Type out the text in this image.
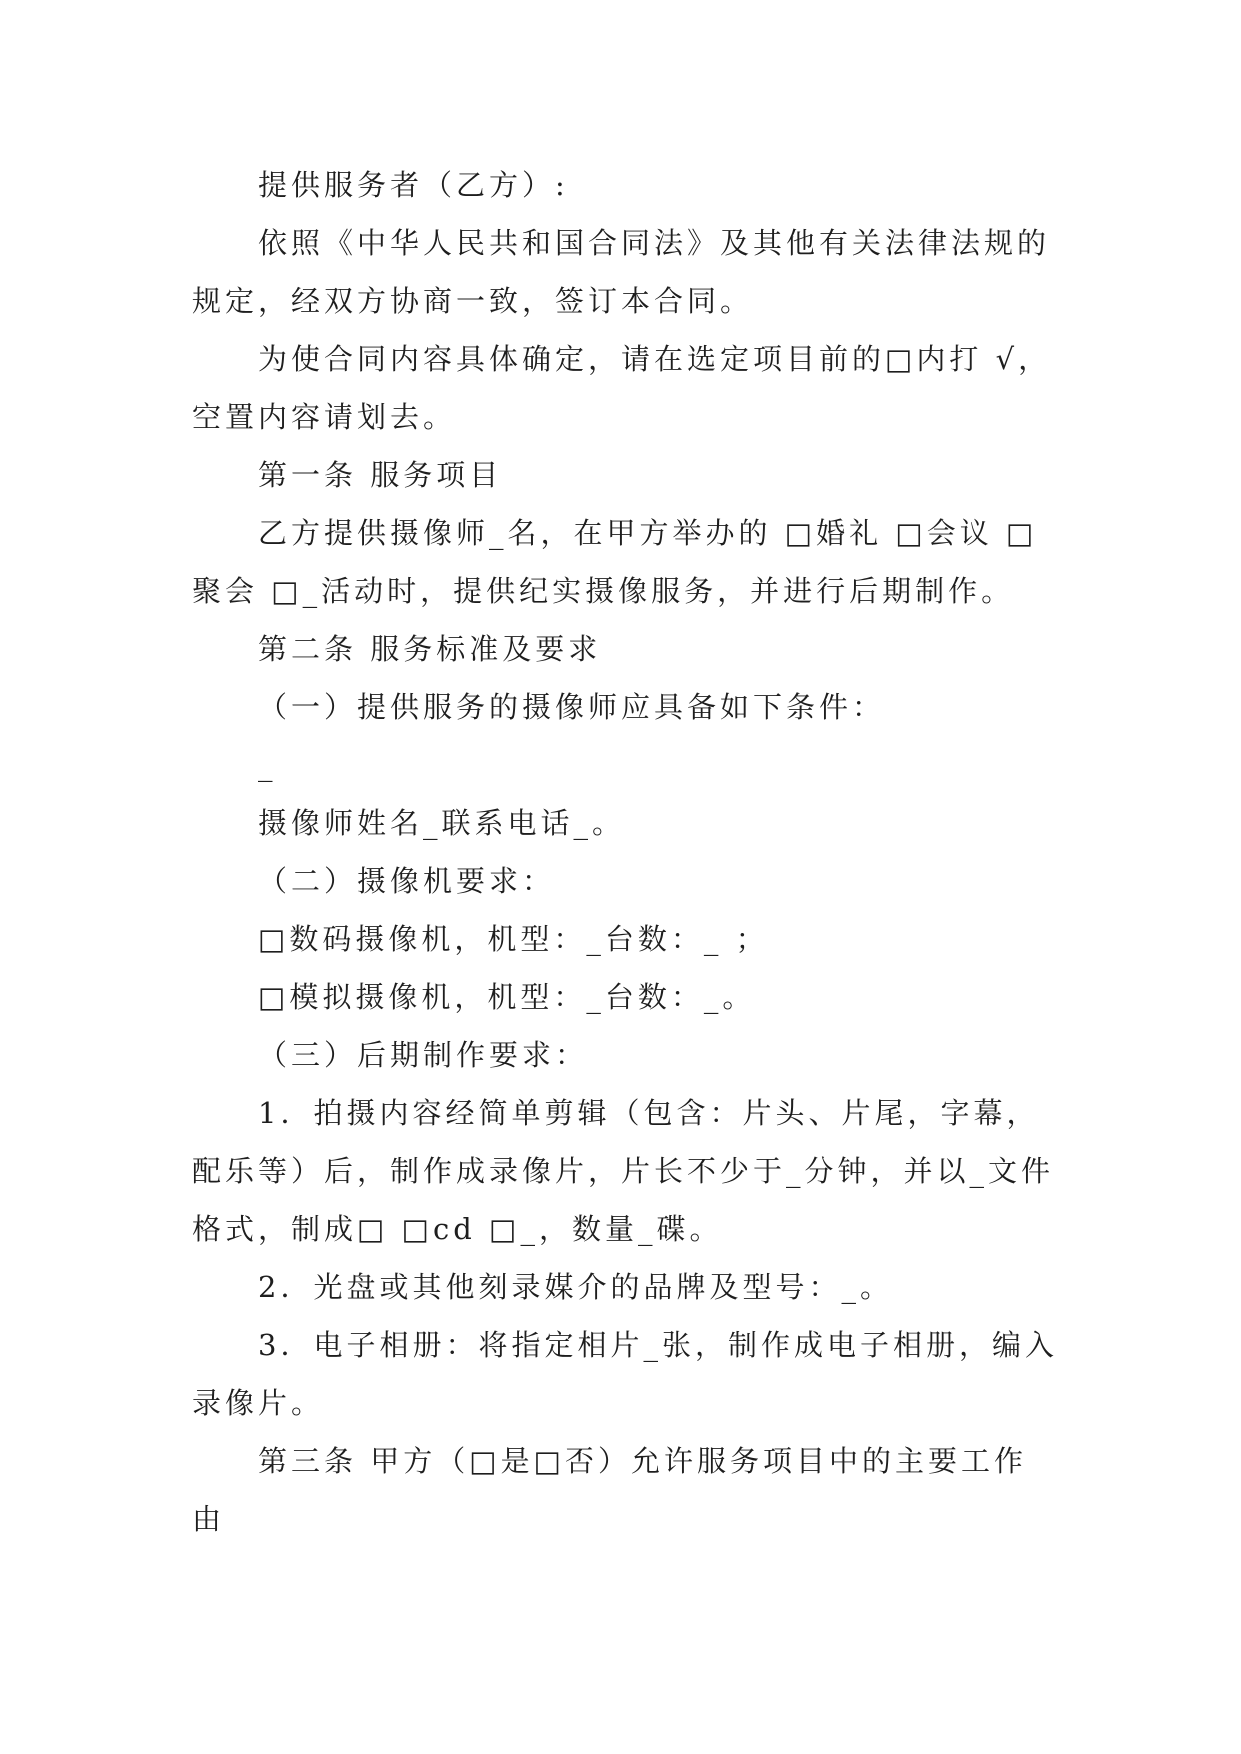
提供服务者（乙方）:
依照《中华人民共和国合同法》及其他有关法律法规的
规定，经双方协商一致，签订本合同。
为使合同内容具体确定，请在选定项目前的□内打 √，
空置内容请划去。
第一条 服务项目
乙方提供摄像师_名，在甲方举办的 □婚礼 □会议 □
聚会 □_活动时，提供纪实摄像服务，并进行后期制作。
第二条 服务标准及要求
（一）提供服务的摄像师应具备如下条件：
_
摄像师姓名_联系电话_。
（二）摄像机要求：
□数码摄像机，机型：_台数：_ ；
□模拟摄像机，机型：_台数：_。
（三）后期制作要求：
1．拍摄内容经简单剪辑（包含：片头、片尾，字幕，
配乐等）后，制作成录像片，片长不少于_分钟，并以_文件
格式，制成□ □cd □_，数量_碟。
2．光盘或其他刻录媒介的品牌及型号：_。
3．电子相册：将指定相片_张，制作成电子相册，编入
录像片。
第三条 甲方（□是□否）允许服务项目中的主要工作
由
